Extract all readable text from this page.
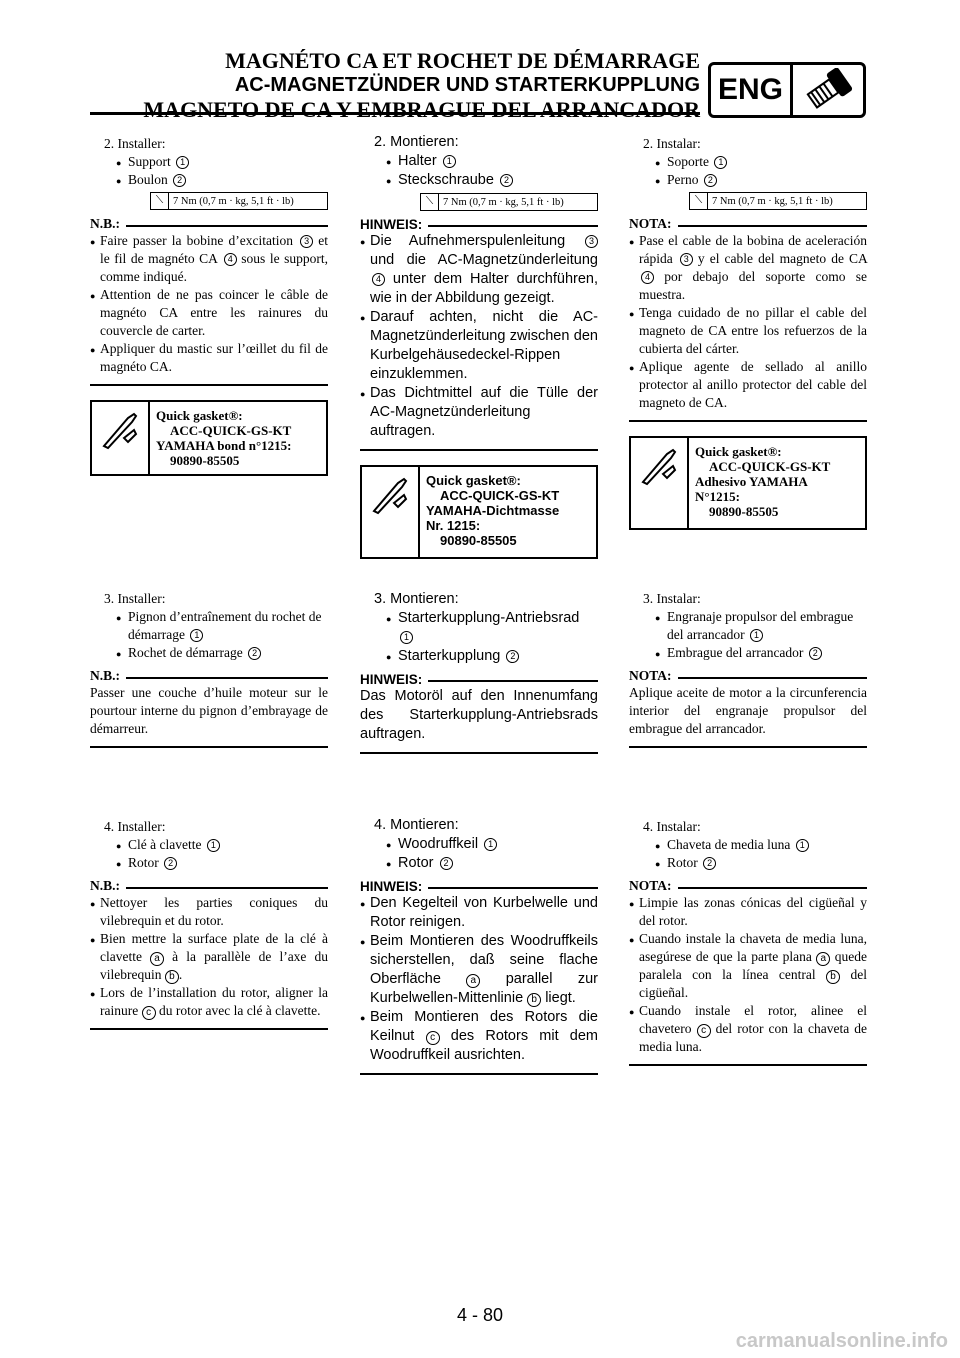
MAGNÉTO CA ET ROCHET DE DÉMARRAGE
AC-MAGNETZÜNDER UND STARTERKUPPLUNG
MAGNETO DE CA Y EMBRAGUE DEL ARRANCADOR
ENG
2. Installer:
● Support 1
● Boulon 2
⟍ 7 Nm (0,7 m · kg, 5,1 ft · lb)
N.B.:
● Faire passer la bobine d’excitation 3 et le fil de magnéto CA 4 sous le support, comme indiqué.
● Attention de ne pas coincer le câble de magnéto CA entre les rainures du couvercle de carter.
● Appliquer du mastic sur l’œillet du fil de magnéto CA.
Quick gasket®:
ACC-QUICK-GS-KT
YAMAHA bond n°1215:
90890-85505
3. Installer:
● Pignon d’entraînement du rochet de démarrage 1
● Rochet de démarrage 2
N.B.:
Passer une couche d’huile moteur sur le pourtour interne du pignon d’embrayage de démarreur.
4. Installer:
● Clé à clavette 1
● Rotor 2
N.B.:
● Nettoyer les parties coniques du vilebrequin et du rotor.
● Bien mettre la surface plate de la clé à clavette a à la parallèle de l’axe du vilebrequin b .
● Lors de l’installation du rotor, aligner la rainure c du rotor avec la clé à clavette.
2. Montieren:
● Halter 1
● Steckschraube 2
⟍ 7 Nm (0,7 m · kg, 5,1 ft · lb)
HINWEIS:
● Die Aufnehmerspulenleitung	3 und die AC-Magnetzünderleitung 4 unter dem Halter durchführen, wie in der Abbildung gezeigt.
● Darauf achten, nicht die AC-Magnetzünderleitung zwischen den Kurbelgehäusedeckel-Rippen einzuklemmen.
● Das Dichtmittel auf die Tülle der AC-Magnetzünderleitung auftragen.
Quick gasket®:
ACC-QUICK-GS-KT
YAMAHA-Dichtmasse
Nr. 1215:
90890-85505
3. Montieren:
● Starterkupplung-Antriebsrad 1
● Starterkupplung 2
HINWEIS:
Das Motoröl auf den Innenumfang des Starterkupplung-Antriebsrads auftragen.
4. Montieren:
● Woodruffkeil 1
● Rotor 2
HINWEIS:
● Den Kegelteil von Kurbelwelle und Rotor reinigen.
● Beim Montieren des Woodruffkeils sicherstellen, daß seine flache Oberfläche	a parallel zur Kurbelwellen-Mittenlinie b liegt.
● Beim Montieren des Rotors die Keilnut c des Rotors mit dem Woodruffkeil ausrichten.
2. Instalar:
● Soporte 1
● Perno 2
⟍ 7 Nm (0,7 m · kg, 5,1 ft · lb)
NOTA:
● Pase el cable de la bobina de aceleración rápida 3 y el cable del magneto de CA 4 por debajo del soporte como se muestra.
● Tenga cuidado de no pillar el cable del magneto de CA entre los refuerzos de la cubierta del cárter.
● Aplique agente de sellado al anillo protector al anillo protector del cable del magneto de CA.
Quick gasket®:
ACC-QUICK-GS-KT
Adhesivo YAMAHA
N°1215:
90890-85505
3. Instalar:
● Engranaje propulsor del embrague del arrancador 1
● Embrague del arrancador 2
NOTA:
Aplique aceite de motor a la circunferencia interior del engranaje propulsor del embrague del arrancador.
4. Instalar:
● Chaveta de media luna 1
● Rotor 2
NOTA:
● Limpie las zonas cónicas del cigüeñal y del rotor.
● Cuando instale la chaveta de media luna, asegúrese de que la parte plana a quede paralela con la línea central b del cigüeñal.
● Cuando instale el rotor, alinee el chavetero c del rotor con la chaveta de media luna.
4 - 80
carmanualsonline.info
